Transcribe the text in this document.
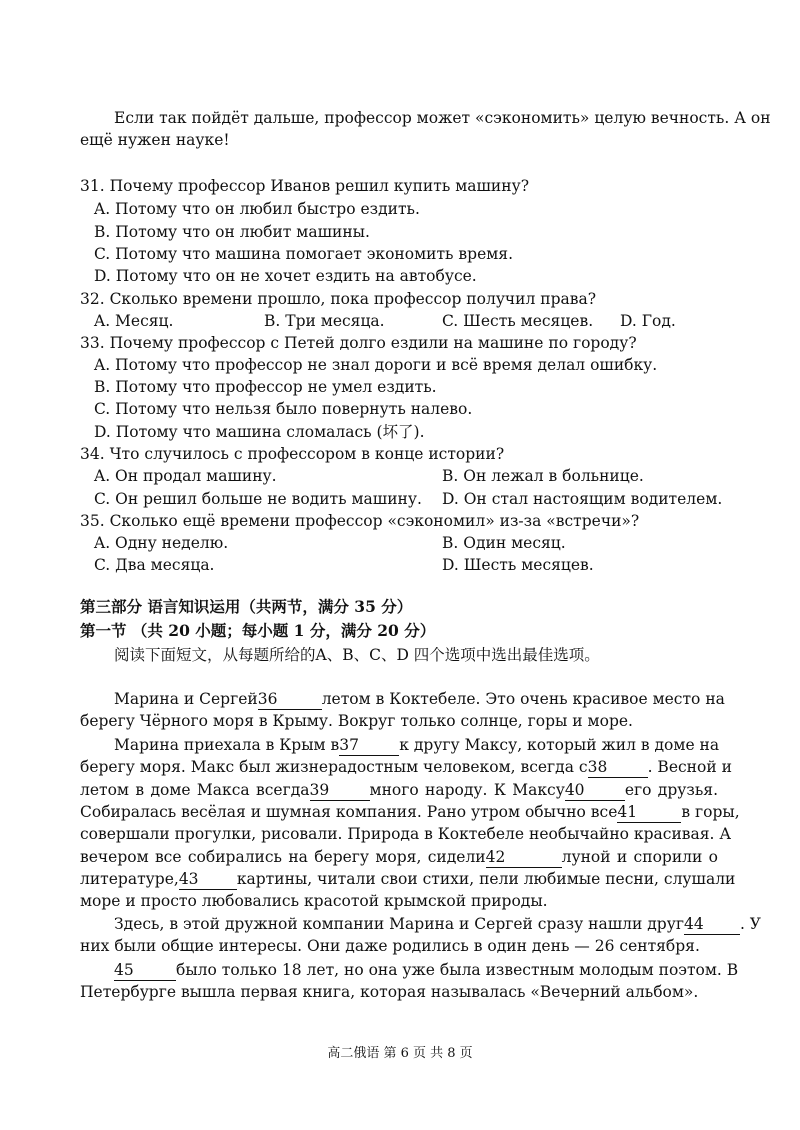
Если так пойдёт дальше, профессор может «сэкономить» целую вечность. А он
ещё нужен науке!
31. Почему профессор Иванов решил купить машину?
A. Потому что он любил быстро ездить.
B. Потому что он любит машины.
C. Потому что машина помогает экономить время.
D. Потому что он не хочет ездить на автобусе.
32. Сколько времени прошло, пока профессор получил права?
A. Месяц.	B. Три месяца.	C. Шесть месяцев. D. Год.
33. Почему профессор с Петей долго ездили на машине по городу?
A. Потому что профессор не знал дороги и всё время делал ошибку.
B. Потому что профессор не умел ездить.
C. Потому что нельзя было повернуть налево.
D. Потому что машина сломалась (坏了).
34. Что случилось с профессором в конце истории?
A. Он продал машину.	B. Он лежал в больнице.
C. Он решил больше не водить машину. D. Он стал настоящим водителем.
35. Сколько ещё времени профессор «сэкономил» из-за «встречи»?
A. Одну неделю.	B. Один месяц.
C. Два месяца.	D. Шесть месяцев.
第三部分 语言知识运用（共两节，满分 35 分）
第一节 （共 20 小题；每小题 1 分，满分 20 分）
阅读下面短文，从每题所给的A、B、C、D 四个选项中选出最佳选项。
Марина и Сергей36	летом в Коктебеле. Это очень красивое место на
берегу Чёрного моря в Крыму. Вокруг только солнце, горы и море.
Марина приехала в Крым в37	к другу Максу, который жил в доме на
берегу моря. Макс был жизнерадостным человеком, всегда с38	. Весной и
летом в доме Макса всегда39	много народу. К Максу40	его друзья.
Собиралась весёлая и шумная компания. Рано утром обычно все41	в горы,
совершали прогулки, рисовали. Природа в Коктебеле необычайно красивая. А
вечером все собирались на берегу моря, сидели42	луной и спорили о
литературе,43 картины, читали свои стихи, пели любимые песни, слушали
море и просто любовались красотой крымской природы.
Здесь, в этой дружной компании Марина и Сергей сразу нашли друг44 . У
них были общие интересы. Они даже родились в один день — 26 сентября.
45	было только 18 лет, но она уже была известным молодым поэтом. В
Петербурге вышла первая книга, которая называлась «Вечерний альбом».
高二俄语 第 6 页 共 8 页
